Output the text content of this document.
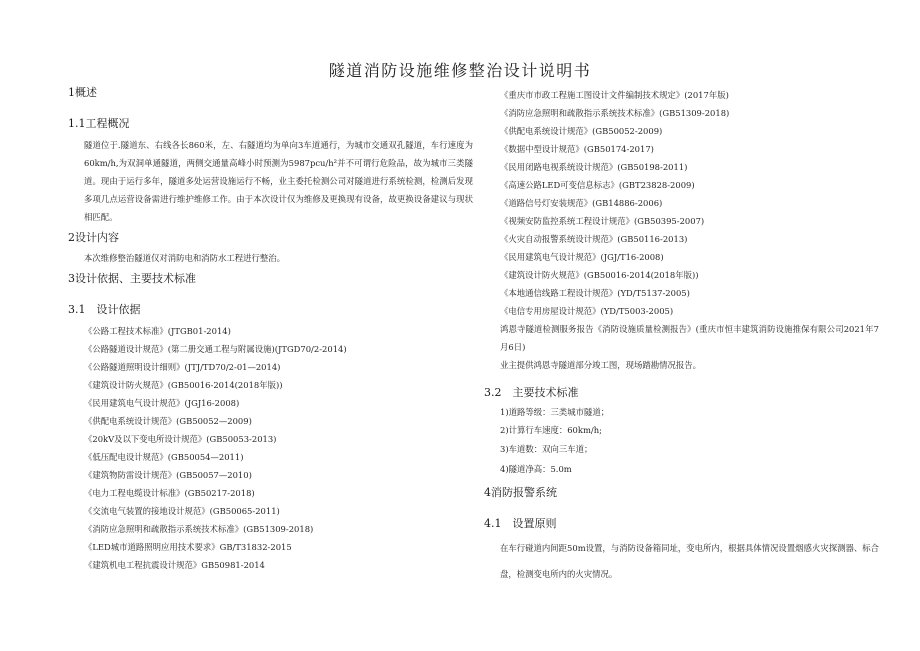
隧道消防设施维修整治设计说明书
1概述
1.1工程概况
隧道位于.隧道东、右线各长860米，左、右隧道均为单向3车道通行，为城市交通双孔隧道，车行速度为60km/h,为双洞单通隧道，两侧交通量高峰小时预测为5987pcu/h²并不可谓行危险品，故为城市三类隧道。现由于运行多年，隧道多处运营设施运行不畅，业主委托检测公司对隧道进行系统检测，检测后发现多项几点运营设备需进行维护维修工作。由于本次设计仅为维修及更换现有设备，故更换设备建议与现状相匹配。
2设计内容
本次维修整治隧道仅对消防电和消防水工程进行整治。
3设计依据、主要技术标准
3.1　设计依据
《公路工程技术标准》(JTGB01-2014)
《公路隧道设计规范》(第二册交通工程与附属设施)(JTGD70/2-2014)
《公路隧道照明设计细则》(JTJ/TD70/2-01—2014)
《建筑设计防火规范》(GB50016-2014(2018年版))
《民用建筑电气设计规范》(JGJ16-2008)
《供配电系统设计规范》(GB50052—2009)
《20kV及以下变电所设计规范》(GB50053-2013)
《低压配电设计规范》(GB50054—2011)
《建筑物防雷设计规范》(GB50057—2010)
《电力工程电缆设计标准》(GB50217-2018)
《交流电气装置的接地设计规范》(GB50065-2011)
《消防应急照明和疏散指示系统技术标准》(GB51309-2018)
《LED城市道路照明应用技术要求》GB/T31832-2015
《建筑机电工程抗震设计规范》GB50981-2014
《重庆市市政工程施工图设计文件编制技术规定》(2017年版)
《消防应急照明和疏散指示系统技术标准》(GB51309-2018)
《供配电系统设计规范》(GB50052-2009)
《数据中型设计规范》(GB50174-2017)
《民用闭路电视系统设计规范》(GB50198-2011)
《高速公路LED可变信息标志》(GBT23828-2009)
《道路信号灯安装规范》(GB14886-2006)
《视频安防监控系统工程设计规范》(GB50395-2007)
《火灾自动报警系统设计规范》(GB50116-2013)
《民用建筑电气设计规范》(JGJ/T16-2008)
《建筑设计防火规范》(GB50016-2014(2018年版))
《本地通信线路工程设计规范》(YD/T5137-2005)
《电信专用房屋设计规范》(YD/T5003-2005)
鸿恩寺隧道检测服务报告《消防设施质量检测报告》(重庆市恒丰建筑消防设施推保有限公司2021年7月6日)
业主提供鸿恩寺隧道部分竣工图，现场踏勘情况报告。
3.2　主要技术标准
1)道路等级：三类城市隧道；
2)计算行车速度：60km/h;
3)车道数：双向三车道；
4)隧道净高：5.0m
4消防报警系统
4.1　设置原则
在车行碰道内间距50m设置，与消防设备箱同址，变电所内，根据具体情况设置烟感火灾探测器、标合盘，检测变电所内的火灾情况。
